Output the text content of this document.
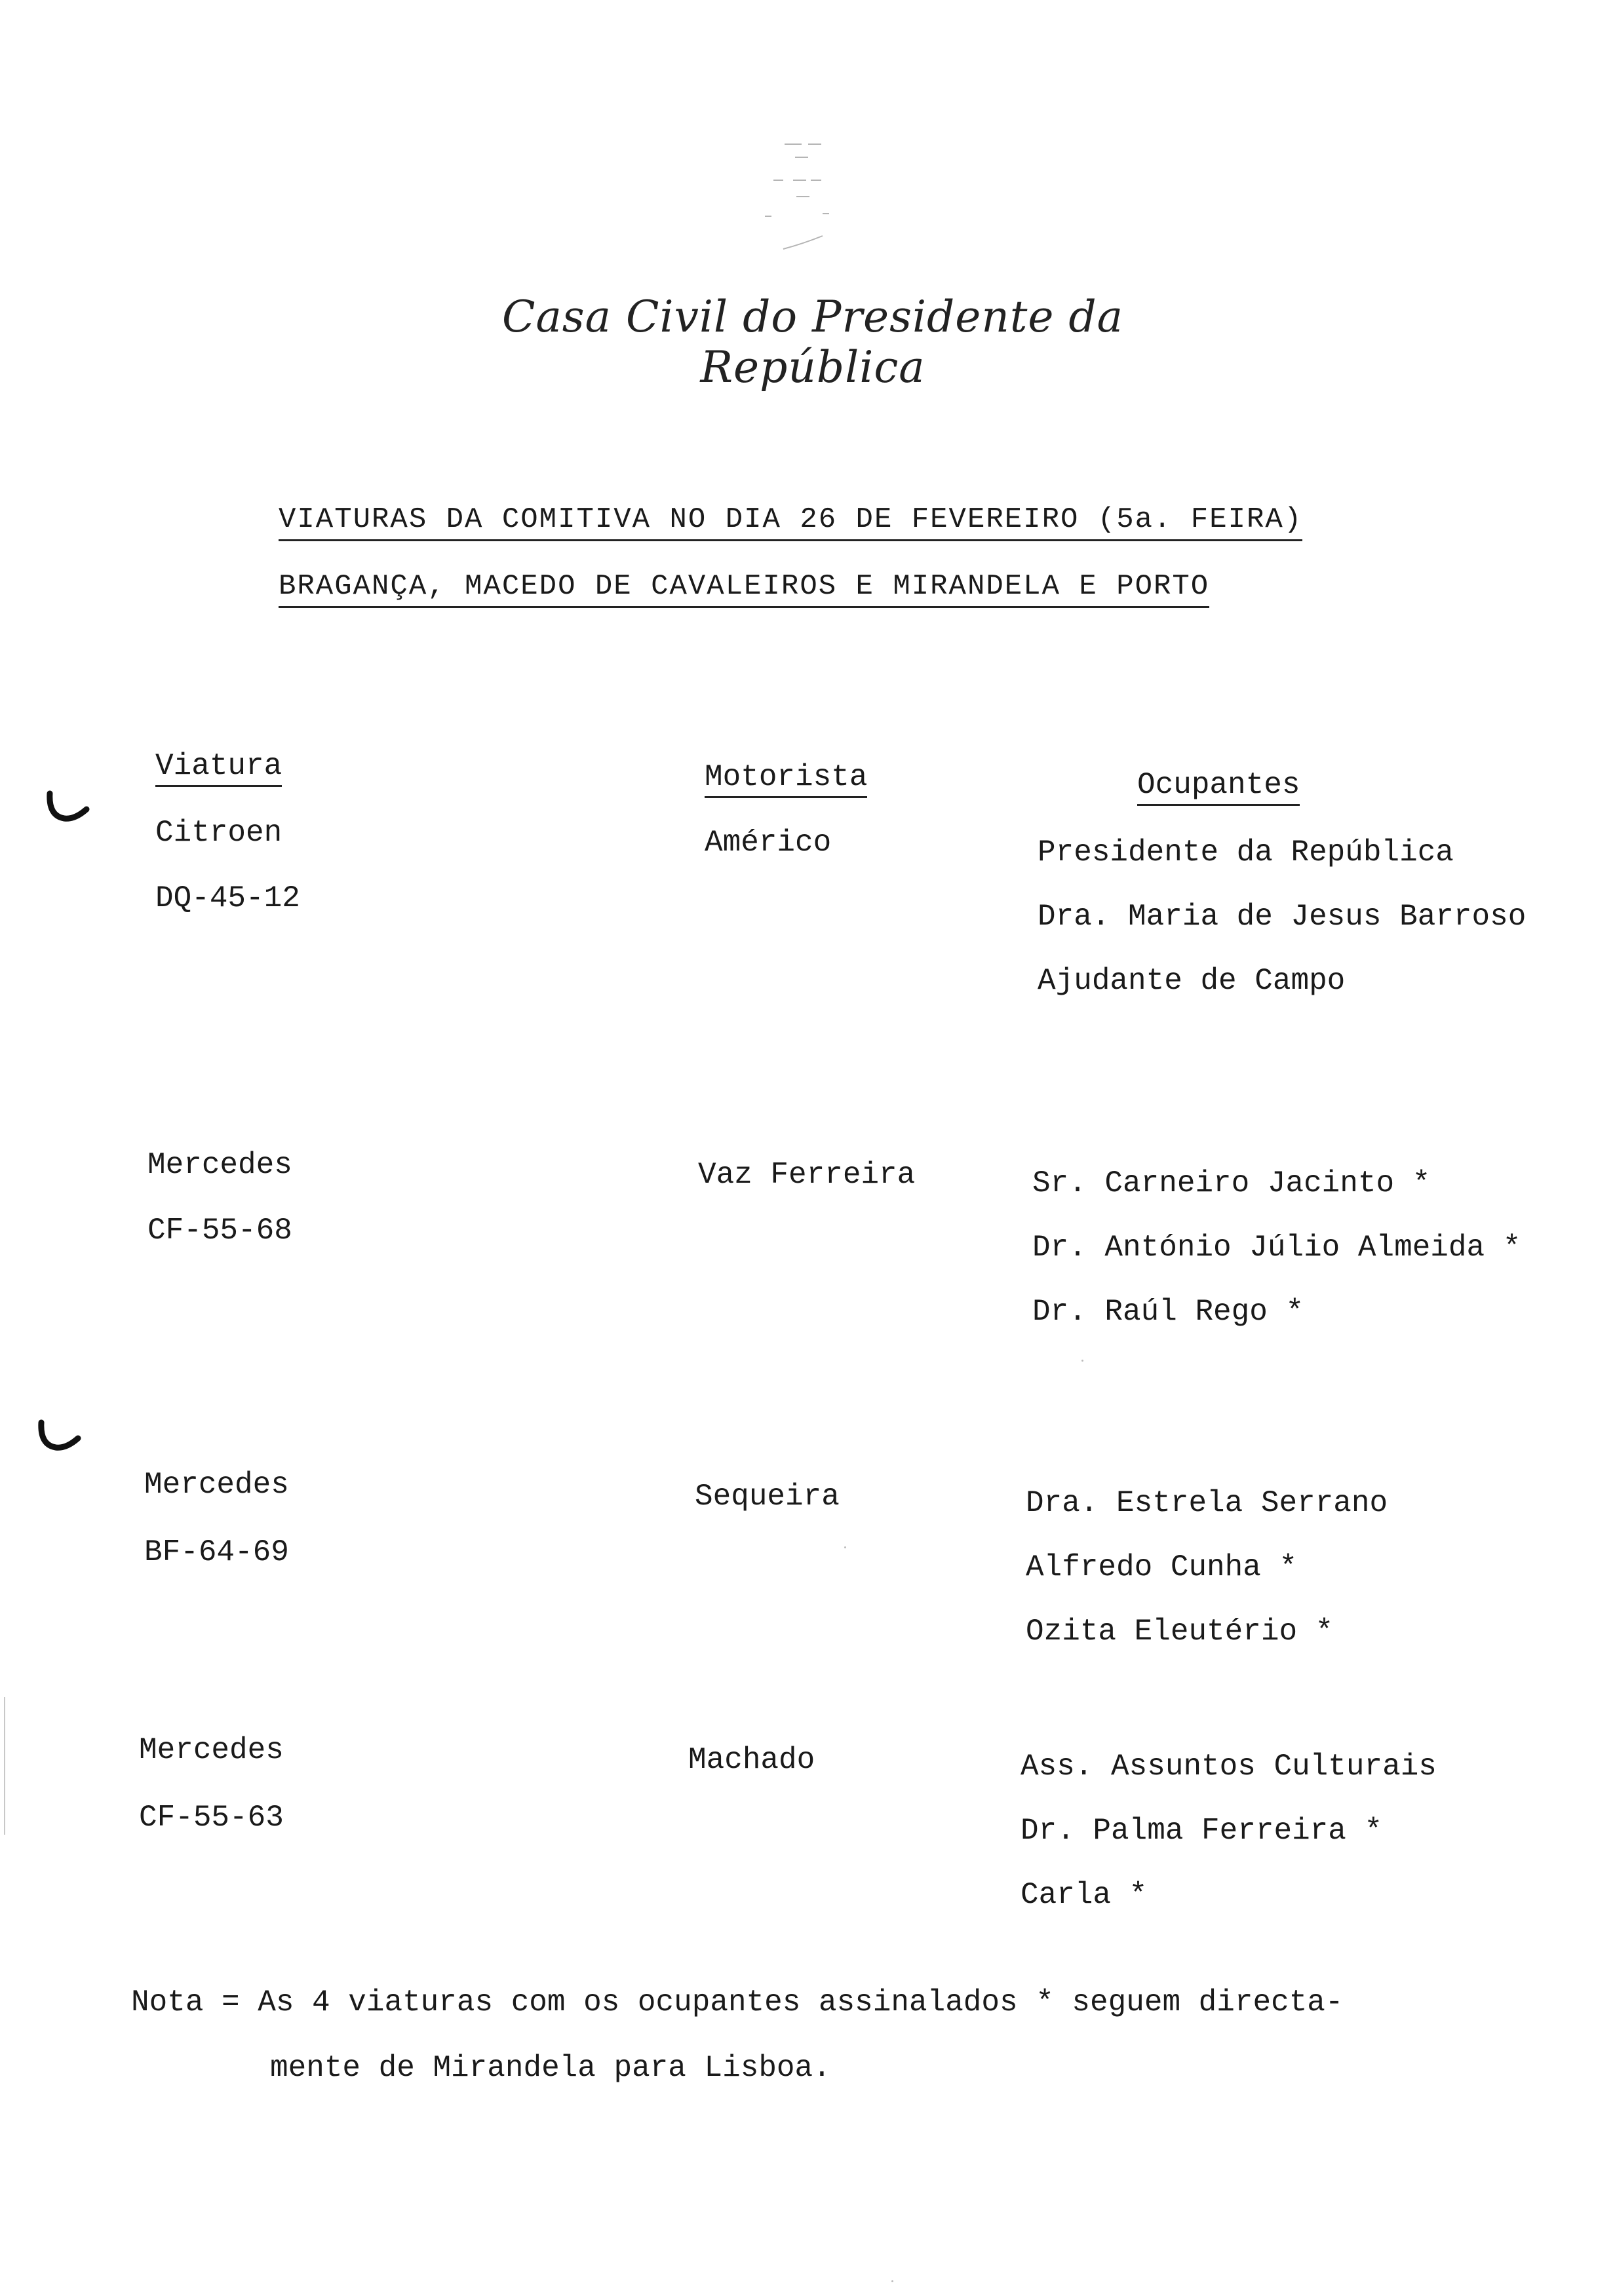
Casa Civil do Presidente da República
VIATURAS DA COMITIVA NO DIA 26 DE FEVEREIRO (5a. FEIRA)
BRAGANÇA, MACEDO DE CAVALEIROS E MIRANDELA E PORTO
Viatura	Motorista	Ocupantes
Citroen
DQ-45-12
Américo	Presidente da República
Dra. Maria de Jesus Barroso
Ajudante de Campo
Mercedes
CF-55-68
Vaz Ferreira	Sr. Carneiro Jacinto *
Dr. António Júlio Almeida *
Dr. Raúl Rego *
Mercedes
BF-64-69
Sequeira	Dra. Estrela Serrano
Alfredo Cunha *
Ozita Eleutério *
Mercedes
CF-55-63
Machado	Ass. Assuntos Culturais
Dr. Palma Ferreira *
Carla *
Nota = As 4 viaturas com os ocupantes assinalados * seguem directa-
mente de Mirandela para Lisboa.
